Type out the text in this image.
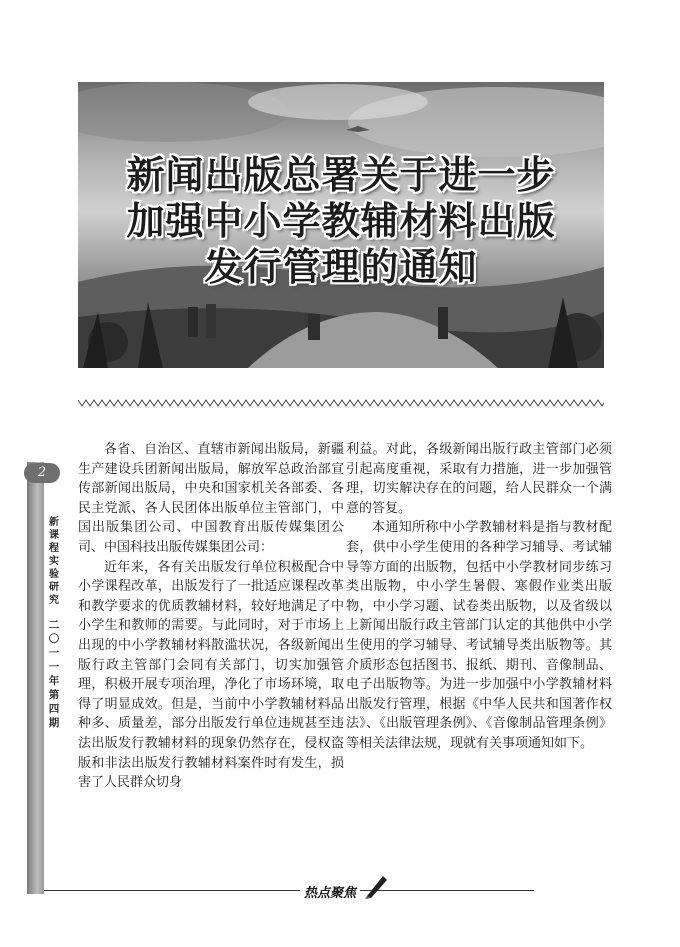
新闻出版总署关于进一步
加强中小学教辅材料出版
发行管理的通知
2
新课程实验研究
二〇一一年第四期

各省、自治区、直辖市新闻出版局，新疆生产建设兵团新闻出版局，解放军总政治部宣传部新闻出版局，中央和国家机关各部委、各民主党派、各人民团体出版单位主管部门，中国出版集团公司、中国教育出版传媒集团公司、中国科技出版传媒集团公司：

近年来，各有关出版发行单位积极配合中小学课程改革，出版发行了一批适应课程改革和教学要求的优质教辅材料，较好地满足了中小学生和教师的需要。与此同时，对于市场上出现的中小学教辅材料散滥状况，各级新闻出版行政主管部门会同有关部门，切实加强管理，积极开展专项治理，净化了市场环境，取得了明显成效。但是，当前中小学教辅材料品种多、质量差，部分出版发行单位违规甚至违法出版发行教辅材料的现象仍然存在，侵权盗版和非法出版发行教辅材料案件时有发生，损害了人民群众切身

利益。对此，各级新闻出版行政主管部门必须引起高度重视，采取有力措施，进一步加强管理，切实解决存在的问题，给人民群众一个满意的答复。

本通知所称中小学教辅材料是指与教材配套，供中小学生使用的各种学习辅导、考试辅导等方面的出版物，包括中小学教材同步练习类出版物，中小学生暑假、寒假作业类出版物，中小学习题、试卷类出版物，以及省级以上新闻出版行政主管部门认定的其他供中小学生使用的学习辅导、考试辅导类出版物等。其介质形态包括图书、报纸、期刊、音像制品、电子出版物等。为进一步加强中小学教辅材料出版发行管理，根据《中华人民共和国著作权法》、《出版管理条例》、《音像制品管理条例》等相关法律法规，现就有关事项通知如下。

热点聚焦
